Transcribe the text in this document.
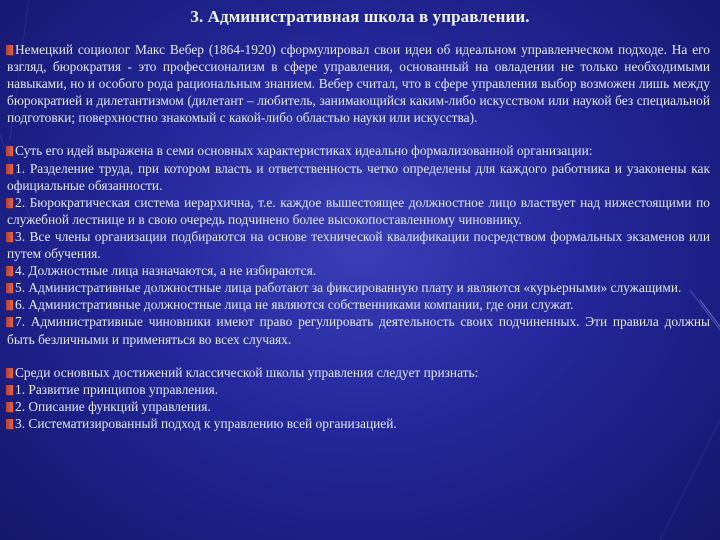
3. Административная школа в управлении.
Немецкий социолог Макс Вебер (1864-1920) сформулировал свои идеи об идеальном управленческом подходе. На его взгляд, бюрократия - это профессионализм в сфере управления, основанный на овладении не только необходимыми навыками, но и особого рода рациональным знанием. Вебер считал, что в сфере управления выбор возможен лишь между бюрократией и дилетантизмом (дилетант – любитель, занимающийся каким-либо искусством или наукой без специальной подготовки; поверхностно знакомый с какой-либо областью науки или искусства).
Суть его идей выражена в семи основных характеристиках идеально формализованной организации:
1. Разделение труда, при котором власть и ответственность четко определены для каждого работника и узаконены как официальные обязанности.
2. Бюрократическая система иерархична, т.е. каждое вышестоящее должностное лицо властвует над нижестоящими по служебной лестнице и в свою очередь подчинено более высокопоставленному чиновнику.
3. Все члены организации подбираются на основе технической квалификации посредством формальных экзаменов или путем обучения.
4. Должностные лица назначаются, а не избираются.
5. Административные должностные лица работают за фиксированную плату и являются «курьерными» служащими.
6. Административные должностные лица не являются собственниками компании, где они служат.
7. Административные чиновники имеют право регулировать деятельность своих подчиненных. Эти правила должны быть безличными и применяться во всех случаях.
Среди основных достижений классической школы управления следует признать:
1. Развитие принципов управления.
2. Описание функций управления.
3. Систематизированный подход к управлению всей организацией.
